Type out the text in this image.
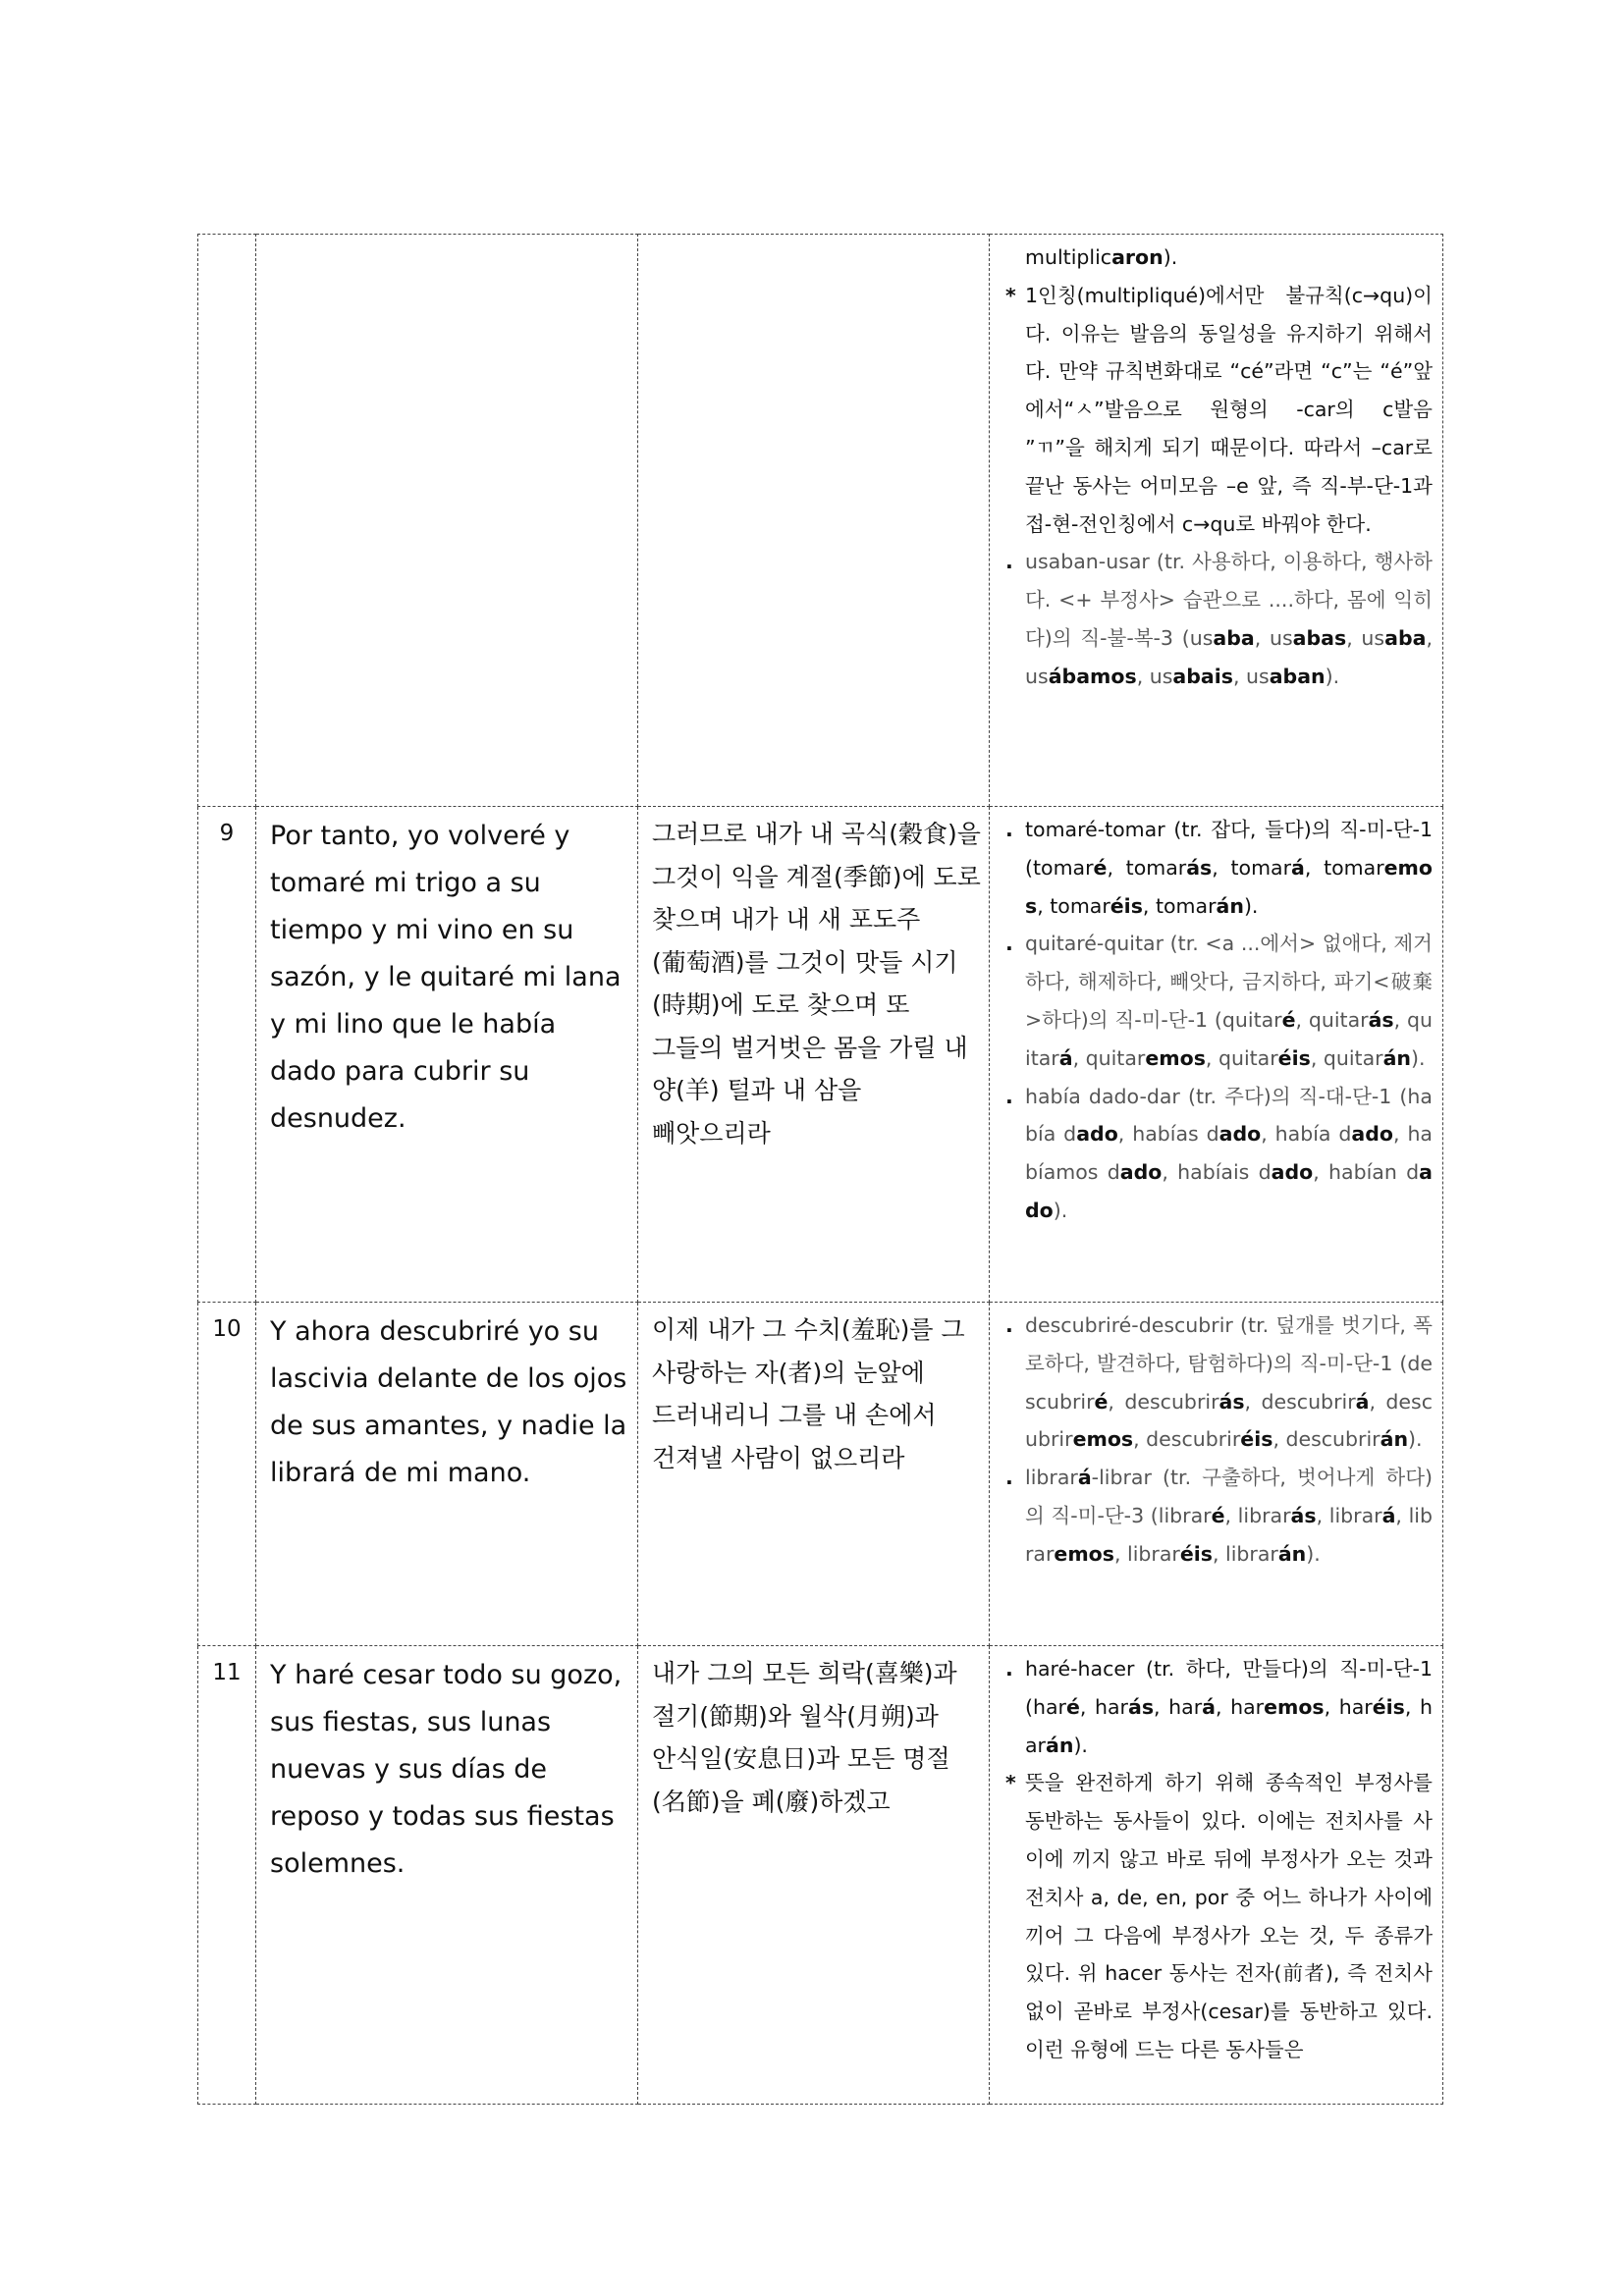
			multiplicaron).
* 1인칭(multipliqué)에서만 불규칙(c→qu)이다. 이유는 발음의 동일성을 유지하기 위해서다. 만약 규칙변화대로 “cé”라면 “c”는 “é”앞에서“ㅅ”발음으로 원형의 -car의 c발음 ”ㄲ”을 해치게 되기 때문이다. 따라서 –car로 끝난 동사는 어미모음 –e 앞, 즉 직-부-단-1과 접-현-전인칭에서 c→qu로 바꿔야 한다.
. usaban-usar (tr. 사용하다, 이용하다, 행사하다. <+ 부정사> 습관으로 ....하다, 몸에 익히다)의 직-불-복-3 (usaba, usabas, usaba, usábamos, usabais, usaban).

9	Por tanto, yo volveré y tomaré mi trigo a su tiempo y mi vino en su sazón, y le quitaré mi lana y mi lino que le había dado para cubrir su desnudez.	그러므로 내가 내 곡식(穀食)을 그것이 익을 계절(季節)에 도로 찾으며 내가 내 새 포도주(葡萄酒)를 그것이 맛들 시기(時期)에 도로 찾으며 또 그들의 벌거벗은 몸을 가릴 내 양(羊) 털과 내 삼을 빼앗으리라	. tomaré-tomar (tr. 잡다, 들다)의 직-미-단-1 (tomaré, tomarás, tomará, tomaremos, tomaréis, tomarán).
. quitaré-quitar (tr. <a ...에서> 없애다, 제거하다, 해제하다, 빼앗다, 금지하다, 파기<破棄>하다)의 직-미-단-1 (quitaré, quitarás, quitará, quitaremos, quitaréis, quitarán).
. había dado-dar (tr. 주다)의 직-대-단-1 (había dado, habías dado, había dado, habíamos dado, habíais dado, habían dado).

10	Y ahora descubriré yo su lascivia delante de los ojos de sus amantes, y nadie la librará de mi mano.	이제 내가 그 수치(羞恥)를 그 사랑하는 자(者)의 눈앞에 드러내리니 그를 내 손에서 건져낼 사람이 없으리라	. descubriré-descubrir (tr. 덮개를 벗기다, 폭로하다, 발견하다, 탐험하다)의 직-미-단-1 (descubriré, descubrirás, descubrirá, descubriremos, descubriréis, descubrirán).
. librará-librar (tr. 구출하다, 벗어나게 하다)의 직-미-단-3 (libraré, librarás, librará, libraremos, libraréis, librarán).

11	Y haré cesar todo su gozo, sus fiestas, sus lunas nuevas y sus días de reposo y todas sus fiestas solemnes.	내가 그의 모든 희락(喜樂)과 절기(節期)와 월삭(月朔)과 안식일(安息日)과 모든 명절(名節)을 폐(廢)하겠고	. haré-hacer (tr. 하다, 만들다)의 직-미-단-1 (haré, harás, hará, haremos, haréis, harán).
* 뜻을 완전하게 하기 위해 종속적인 부정사를 동반하는 동사들이 있다. 이에는 전치사를 사이에 끼지 않고 바로 뒤에 부정사가 오는 것과 전치사 a, de, en, por 중 어느 하나가 사이에 끼어 그 다음에 부정사가 오는 것, 두 종류가 있다. 위 hacer 동사는 전자(前者), 즉 전치사 없이 곧바로 부정사(cesar)를 동반하고 있다. 이런 유형에 드는 다른 동사들은
